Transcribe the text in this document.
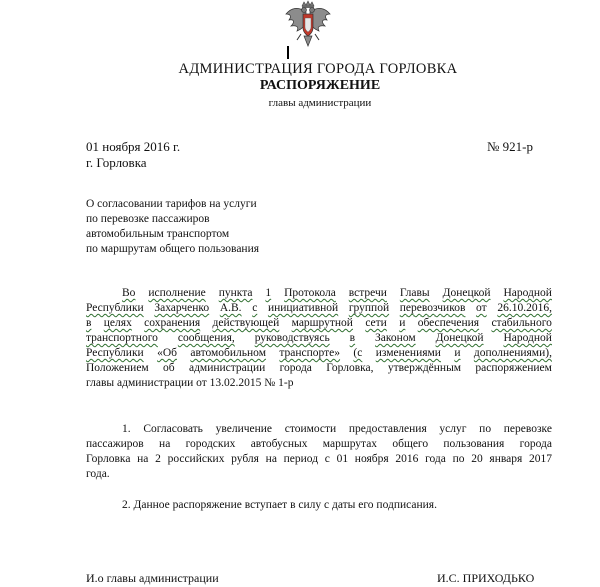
АДМИНИСТРАЦИЯ ГОРОДА ГОРЛОВКА
РАСПОРЯЖЕНИЕ
главы администрации
01 ноября 2016 г.	№ 921-р
г. Горловка
О согласовании тарифов на услуги
по перевозке пассажиров
автомобильным транспортом
по маршрутам общего пользования
Во исполнение пункта 1 Протокола встречи Главы Донецкой Народной
Республики Захарченко А.В. с инициативной группой перевозчиков от 26.10.2016,
в целях сохранения действующей маршрутной сети и обеспечения стабильного
транспортного сообщения, руководствуясь в Законом Донецкой Народной
Республики «Об автомобильном транспорте» (с изменениями и дополнениями),
Положением об администрации города Горловка, утверждённым распоряжением
главы администрации от 13.02.2015 № 1-р
1. Согласовать увеличение стоимости предоставления услуг по перевозке
пассажиров на городских автобусных маршрутах общего пользования города
Горловка на 2 российских рубля на период с 01 ноября 2016 года по 20 января 2017
года.
2. Данное распоряжение вступает в силу с даты его подписания.
И.о главы администрации	И.С. ПРИХОДЬКО
